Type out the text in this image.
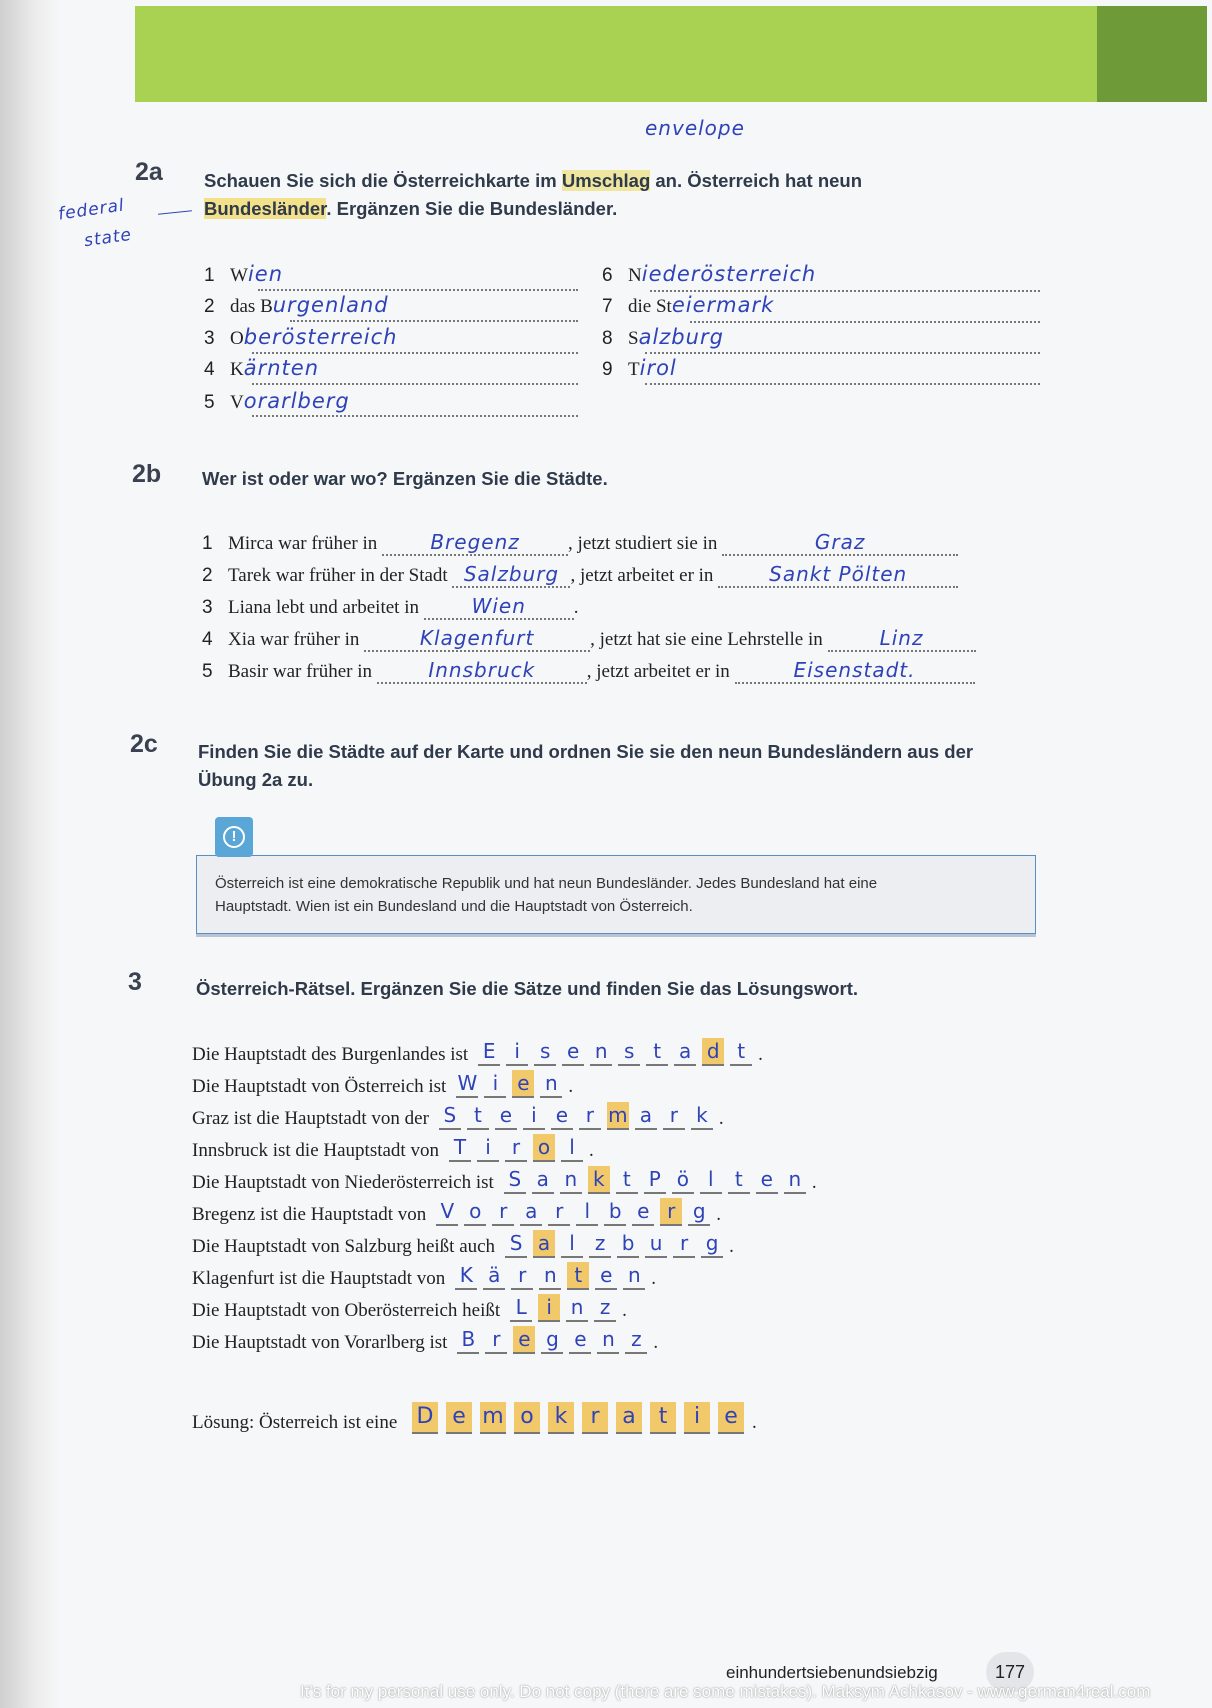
2a
envelope
federal
state
Schauen Sie sich die Österreichkarte im Umschlag an. Österreich hat neun
Bundesländer. Ergänzen Sie die Bundesländer.
1 Wien
2 das Burgenland
3 Oberösterreich
4 Kärnten
5 Vorarlberg
6 Niederösterreich
7 die Steiermark
8 Salzburg
9 Tirol
2b Wer ist oder war wo? Ergänzen Sie die Städte.
1 Mirca war früher in	Bregenz	, jetzt studiert sie in	Graz
2 Tarek war früher in der Stadt Salzburg , jetzt arbeitet er in	Sankt Pölten
3 Liana lebt und arbeitet in	Wien	.
4 Xia war früher in	Klagenfurt	, jetzt hat sie eine Lehrstelle in	Linz
5 Basir war früher in	Innsbruck	, jetzt arbeitet er in	Eisenstadt.
2c Finden Sie die Städte auf der Karte und ordnen Sie sie den neun Bundesländern aus der
Übung 2a zu.
Österreich ist eine demokratische Republik und hat neun Bundesländer. Jedes Bundesland hat eine
Hauptstadt. Wien ist ein Bundesland und die Hauptstadt von Österreich.
!
3	Österreich-Rätsel. Ergänzen Sie die Sätze und finden Sie das Lösungswort.
Die Hauptstadt des Burgenlandes ist E i s e n s t a d t .
Die Hauptstadt von Österreich ist W i e n .
Graz ist die Hauptstadt von der S t e i e r m a r k .
Innsbruck ist die Hauptstadt von T i r o l .
Die Hauptstadt von Niederösterreich ist S a n k t P ö l t e n .
Bregenz ist die Hauptstadt von V o r a r l b e r g .
Die Hauptstadt von Salzburg heißt auch S a l z b u r g .
Klagenfurt ist die Hauptstadt von K ä r n t e n .
Die Hauptstadt von Oberösterreich heißt L i n z .
Die Hauptstadt von Vorarlberg ist B r e g e n z .
Lösung: Österreich ist eine D e m o k r a t i e .
einhundertsiebenundsiebzig	177
It's for my personal use only. Do not copy (there are some mistakes). Maksym Achkasov - www.german4real.com
